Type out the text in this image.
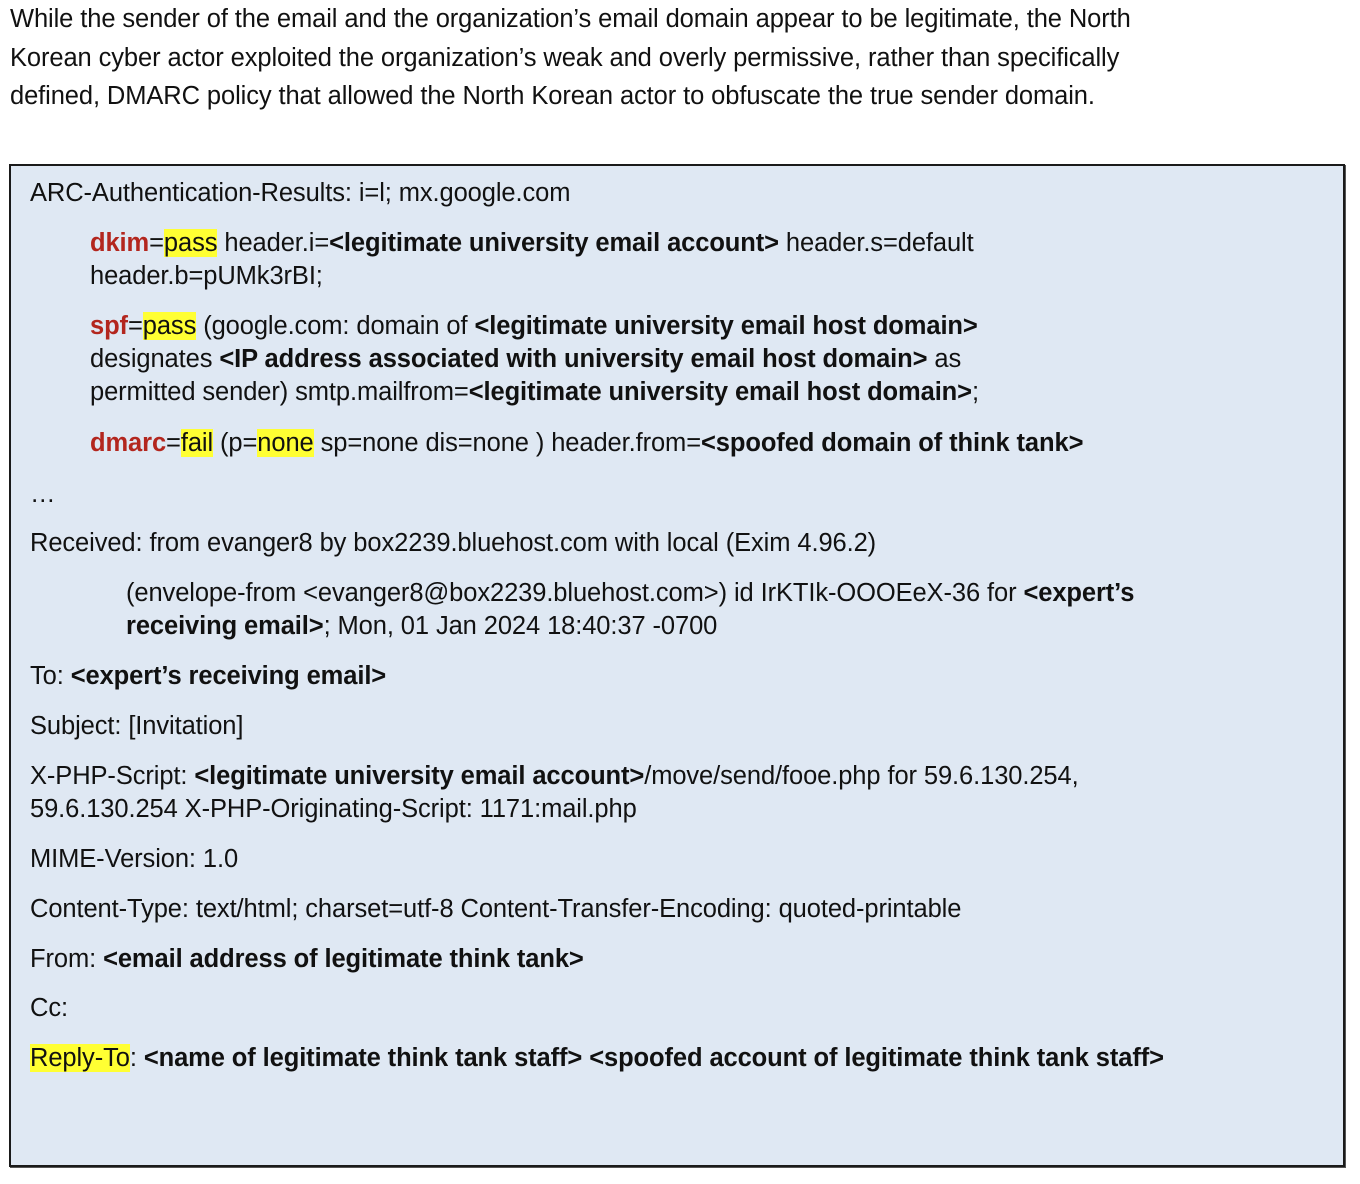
While the sender of the email and the organization’s email domain appear to be legitimate, the North
Korean cyber actor exploited the organization’s weak and overly permissive, rather than specifically
defined, DMARC policy that allowed the North Korean actor to obfuscate the true sender domain.
ARC-Authentication-Results: i=l; mx.google.com
dkim=pass header.i=<legitimate university email account> header.s=default
header.b=pUMk3rBI;
spf=pass (google.com: domain of <legitimate university email host domain>
designates <IP address associated with university email host domain> as
permitted sender) smtp.mailfrom=<legitimate university email host domain>;
dmarc=fail (p=none sp=none dis=none ) header.from=<spoofed domain of think tank>
…
Received: from evanger8 by box2239.bluehost.com with local (Exim 4.96.2)
(envelope-from <evanger8@box2239.bluehost.com>) id IrKTIk-OOOEeX-36 for <expert’s
receiving email>; Mon, 01 Jan 2024 18:40:37 -0700
To: <expert’s receiving email>
Subject: [Invitation]
X-PHP-Script: <legitimate university email account>/move/send/fooe.php for 59.6.130.254,
59.6.130.254 X-PHP-Originating-Script: 1171:mail.php
MIME-Version: 1.0
Content-Type: text/html; charset=utf-8 Content-Transfer-Encoding: quoted-printable
From: <email address of legitimate think tank>
Cc:
Reply-To: <name of legitimate think tank staff> <spoofed account of legitimate think tank staff>
